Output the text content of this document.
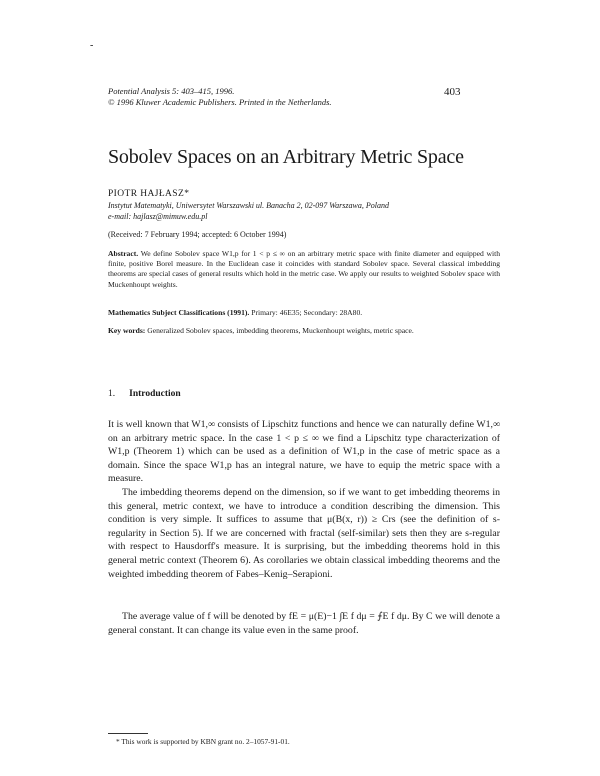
-
Potential Analysis 5: 403–415, 1996.
© 1996 Kluwer Academic Publishers. Printed in the Netherlands.
403
Sobolev Spaces on an Arbitrary Metric Space
PIOTR HAJŁASZ*
Instytut Matematyki, Uniwersytet Warszawski ul. Banacha 2, 02-097 Warszawa, Poland
e-mail: hajlasz@mimuw.edu.pl
(Received: 7 February 1994; accepted: 6 October 1994)
Abstract. We define Sobolev space W1,p for 1 < p ≤ ∞ on an arbitrary metric space with finite diameter and equipped with finite, positive Borel measure. In the Euclidean case it coincides with standard Sobolev space. Several classical imbedding theorems are special cases of general results which hold in the metric case. We apply our results to weighted Sobolev space with Muckenhoupt weights.
Mathematics Subject Classifications (1991). Primary: 46E35; Secondary: 28A80.
Key words: Generalized Sobolev spaces, imbedding theorems, Muckenhoupt weights, metric space.
1. Introduction
It is well known that W1,∞ consists of Lipschitz functions and hence we can naturally define W1,∞ on an arbitrary metric space. In the case 1 < p ≤ ∞ we find a Lipschitz type characterization of W1,p (Theorem 1) which can be used as a definition of W1,p in the case of metric space as a domain. Since the space W1,p has an integral nature, we have to equip the metric space with a measure.
The imbedding theorems depend on the dimension, so if we want to get imbedding theorems in this general, metric context, we have to introduce a condition describing the dimension. This condition is very simple. It suffices to assume that μ(B(x, r)) ≥ Crs (see the definition of s-regularity in Section 5). If we are concerned with fractal (self-similar) sets then they are s-regular with respect to Hausdorff's measure. It is surprising, but the imbedding theorems hold in this general metric context (Theorem 6). As corollaries we obtain classical imbedding theorems and the weighted imbedding theorem of Fabes–Kenig–Serapioni.
The average value of f will be denoted by fE = μ(E)−1 ∫E f dμ = ⨍E f dμ. By C we will denote a general constant. It can change its value even in the same proof.
* This work is supported by KBN grant no. 2–1057-91-01.
